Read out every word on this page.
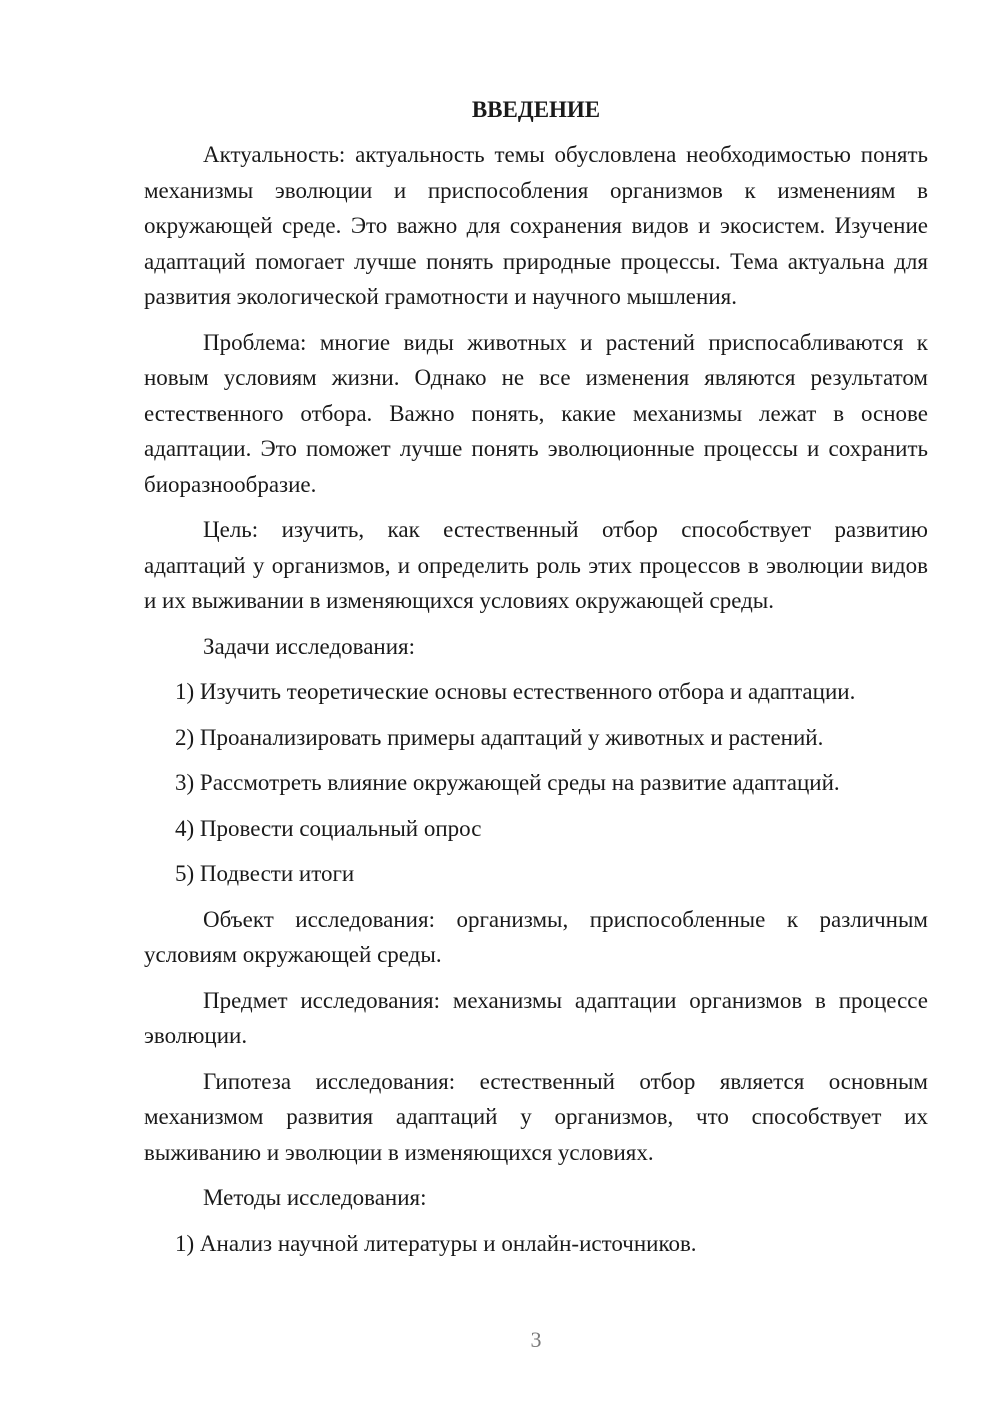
ВВЕДЕНИЕ

Актуальность: актуальность темы обусловлена необходимостью понять механизмы эволюции и приспособления организмов к изменениям в окружающей среде. Это важно для сохранения видов и экосистем. Изучение адаптаций помогает лучше понять природные процессы. Тема актуальна для развития экологической грамотности и научного мышления.

Проблема: многие виды животных и растений приспосабливаются к новым условиям жизни. Однако не все изменения являются результатом естественного отбора. Важно понять, какие механизмы лежат в основе адаптации. Это поможет лучше понять эволюционные процессы и сохранить биоразнообразие.

Цель: изучить, как естественный отбор способствует развитию адаптаций у организмов, и определить роль этих процессов в эволюции видов и их выживании в изменяющихся условиях окружающей среды.

Задачи исследования:

1) Изучить теоретические основы естественного отбора и адаптации.

2) Проанализировать примеры адаптаций у животных и растений.

3) Рассмотреть влияние окружающей среды на развитие адаптаций.

4) Провести социальный опрос

5) Подвести итоги

Объект исследования: организмы, приспособленные к различным условиям окружающей среды.

Предмет исследования: механизмы адаптации организмов в процессе эволюции.

Гипотеза исследования: естественный отбор является основным механизмом развития адаптаций у организмов, что способствует их выживанию и эволюции в изменяющихся условиях.

Методы исследования:

1) Анализ научной литературы и онлайн-источников.

3
